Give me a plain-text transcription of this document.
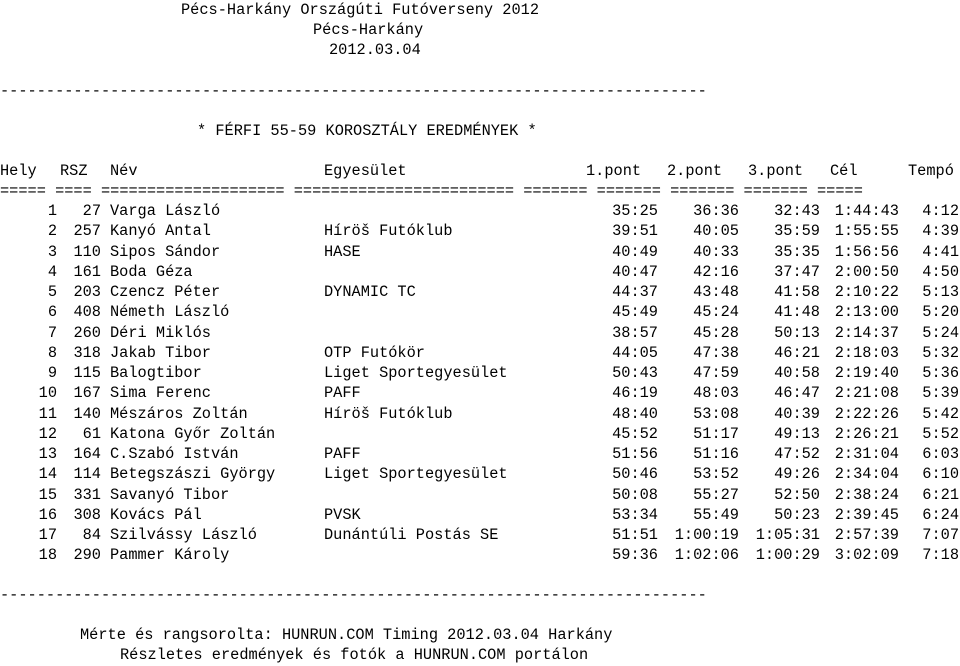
Pécs-Harkány Országúti Futóverseny 2012
Pécs-Harkány
2012.03.04
-----------------------------------------------------------------------------
* FÉRFI 55-59 KOROSZTÁLY EREDMÉNYEK *
Hely RSZ Név	Egyesület	1.pont 2.pont 3.pont Cél	Tempó
===== ==== ==================== ======================== ======= ======= ======= ======= =====
1 27 Varga László	35:25 36:36 32:43 1:44:43 4:12
2 257 Kanyó Antal	Híröš Futóklub	39:51 40:05 35:59 1:55:55 4:39
3 110 Sipos Sándor	HASE	40:49 40:33 35:35 1:56:56 4:41
4 161 Boda Géza	40:47 42:16 37:47 2:00:50 4:50
5 203 Czencz Péter	DYNAMIC TC	44:37 43:48 41:58 2:10:22 5:13
6 408 Németh László	45:49 45:24 41:48 2:13:00 5:20
7 260 Déri Miklós	38:57 45:28 50:13 2:14:37 5:24
8 318 Jakab Tibor	OTP Futókör	44:05 47:38 46:21 2:18:03 5:32
9 115 Balogtibor	Liget Sportegyesület	50:43 47:59 40:58 2:19:40 5:36
10 167 Sima Ferenc	PAFF	46:19 48:03 46:47 2:21:08 5:39
11 140 Mészáros Zoltán	Híröš Futóklub	48:40 53:08 40:39 2:22:26 5:42
12 61 Katona Győr Zoltán	45:52 51:17 49:13 2:26:21 5:52
13 164 C.Szabó István	PAFF	51:56 51:16 47:52 2:31:04 6:03
14 114 Betegszászi György	Liget Sportegyesület	50:46 53:52 49:26 2:34:04 6:10
15 331 Savanyó Tibor	50:08 55:27 52:50 2:38:24 6:21
16 308 Kovács Pál	PVSK	53:34 55:49 50:23 2:39:45 6:24
17 84 Szilvássy László	Dunántúli Postás SE	51:51 1:00:19 1:05:31 2:57:39 7:07
18 290 Pammer Károly	59:36 1:02:06 1:00:29 3:02:09 7:18
-----------------------------------------------------------------------------
Mérte és rangsorolta: HUNRUN.COM Timing 2012.03.04 Harkány
Részletes eredmények és fotók a HUNRUN.COM portálon
